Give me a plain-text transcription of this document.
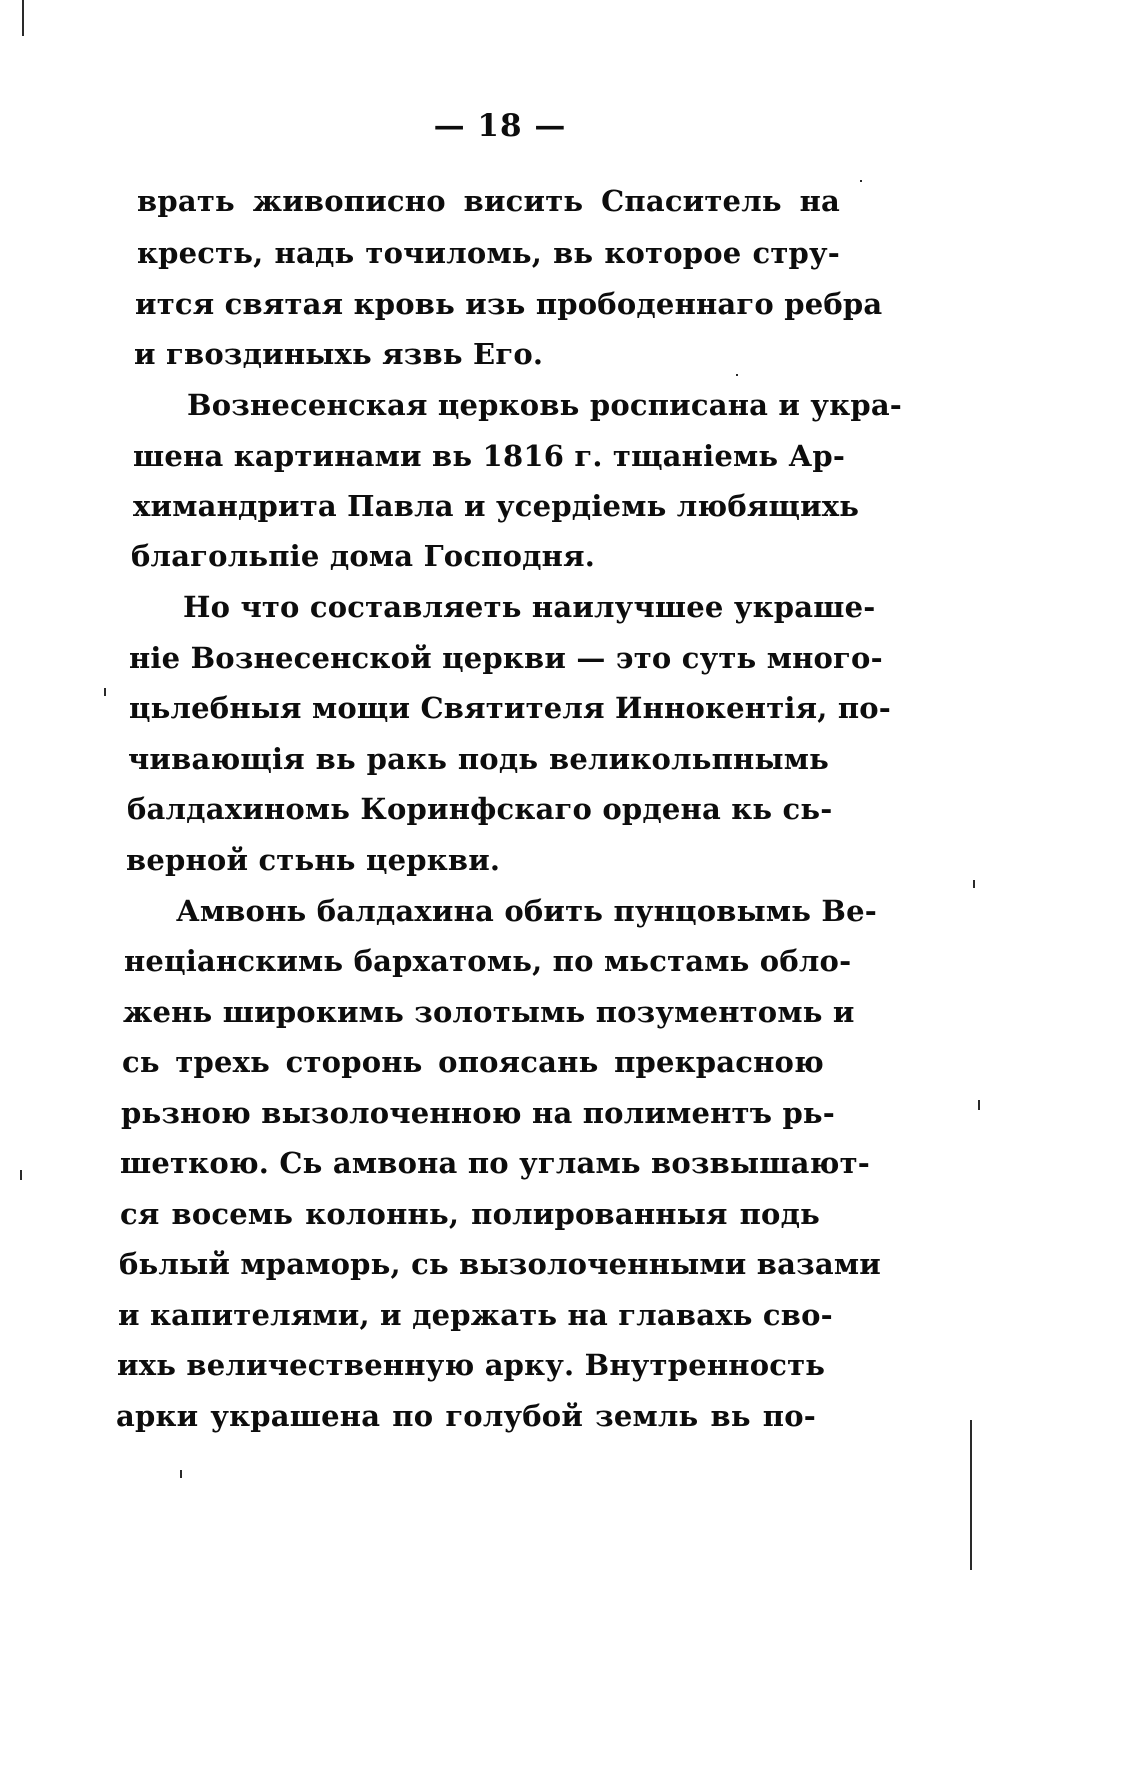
— 18 —

врать живописно висить Спаситель на

кресть, надь точиломь, вь которое стру-

ится святая кровь изь прободеннаго ребра

и гвоздиныхь язвь Его.

Вознесенская церковь росписана и укра-

шена картинами вь 1816 г. тщаніемь Ар-

химандрита Павла и усердіемь любящихь

благольпіе дома Господня.

Но что составляеть наилучшее украше-

ніе Вознесенской церкви — это суть много-

цьлебныя мощи Святителя Иннокентія, по-

чивающія вь ракь подь великольпнымь

балдахиномь Коринфскаго ордена кь сь-

верной стьнь церкви.

Амвонь балдахина обить пунцовымь Ве-

неціанскимь бархатомь, по мьстамь обло-

жень широкимь золотымь позументомь и

сь трехь сторонь опоясань прекрасною

рьзною вызолоченною на полиментъ рь-

шеткою. Сь амвона по угламь возвышают-

ся восемь колоннь, полированныя подь

бьлый мраморь, сь вызолоченными вазами

и капителями, и держать на главахь сво-

ихь величественную арку. Внутренность

арки украшена по голубой земль вь по-
